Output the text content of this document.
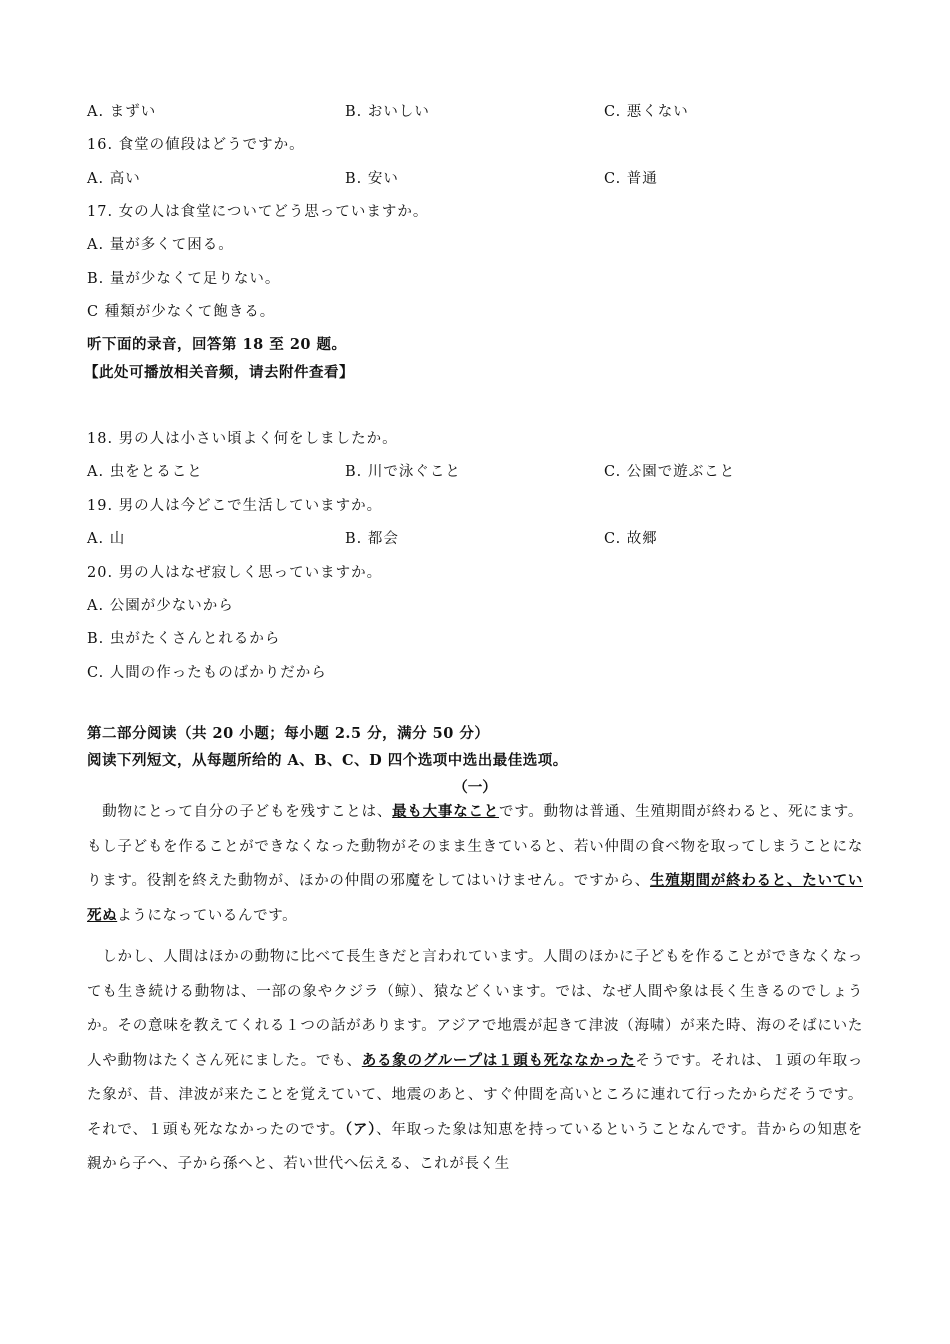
A. まずい	B. おいしい	C. 悪くない
16. 食堂の値段はどうですか。
A. 高い	B. 安い	C. 普通
17. 女の人は食堂についてどう思っていますか。
A. 量が多くて困る。
B. 量が少なくて足りない。
C 種類が少なくて飽きる。
听下面的录音，回答第 18 至 20 题。
【此处可播放相关音频，请去附件查看】
18. 男の人は小さい頃よく何をしましたか。
A. 虫をとること	B. 川で泳ぐこと	C. 公園で遊ぶこと
19. 男の人は今どこで生活していますか。
A. 山	B. 都会	C. 故郷
20. 男の人はなぜ寂しく思っていますか。
A. 公園が少ないから
B. 虫がたくさんとれるから
C. 人間の作ったものばかりだから
第二部分阅读（共 20 小题；每小题 2.5 分，满分 50 分）
阅读下列短文，从每题所给的 A、B、C、D 四个选项中选出最佳选项。
（一）
　動物にとって自分の子どもを残すことは、最も大事なことです。動物は普通、生殖期間が終わると、死にます。もし子どもを作ることができなくなった動物がそのまま生きていると、若い仲間の食べ物を取ってしまうことになります。役割を終えた動物が、ほかの仲間の邪魔をしてはいけません。ですから、生殖期間が終わると、たいてい死ぬようになっているんです。
　しかし、人間はほかの動物に比べて長生きだと言われています。人間のほかに子どもを作ることができなくなっても生き続ける動物は、一部の象やクジラ（鲸）、猿などくいます。では、なぜ人間や象は長く生きるのでしょうか。その意味を教えてくれる１つの話があります。アジアで地震が起きて津波（海啸）が来た時、海のそばにいた人や動物はたくさん死にました。でも、ある象のグループは１頭も死ななかったそうです。それは、１頭の年取った象が、昔、津波が来たことを覚えていて、地震のあと、すぐ仲間を高いところに連れて行ったからだそうです。それで、１頭も死ななかったのです。（ア）、年取った象は知恵を持っているということなんです。昔からの知恵を親から子へ、子から孫へと、若い世代へ伝える、これが長く生
